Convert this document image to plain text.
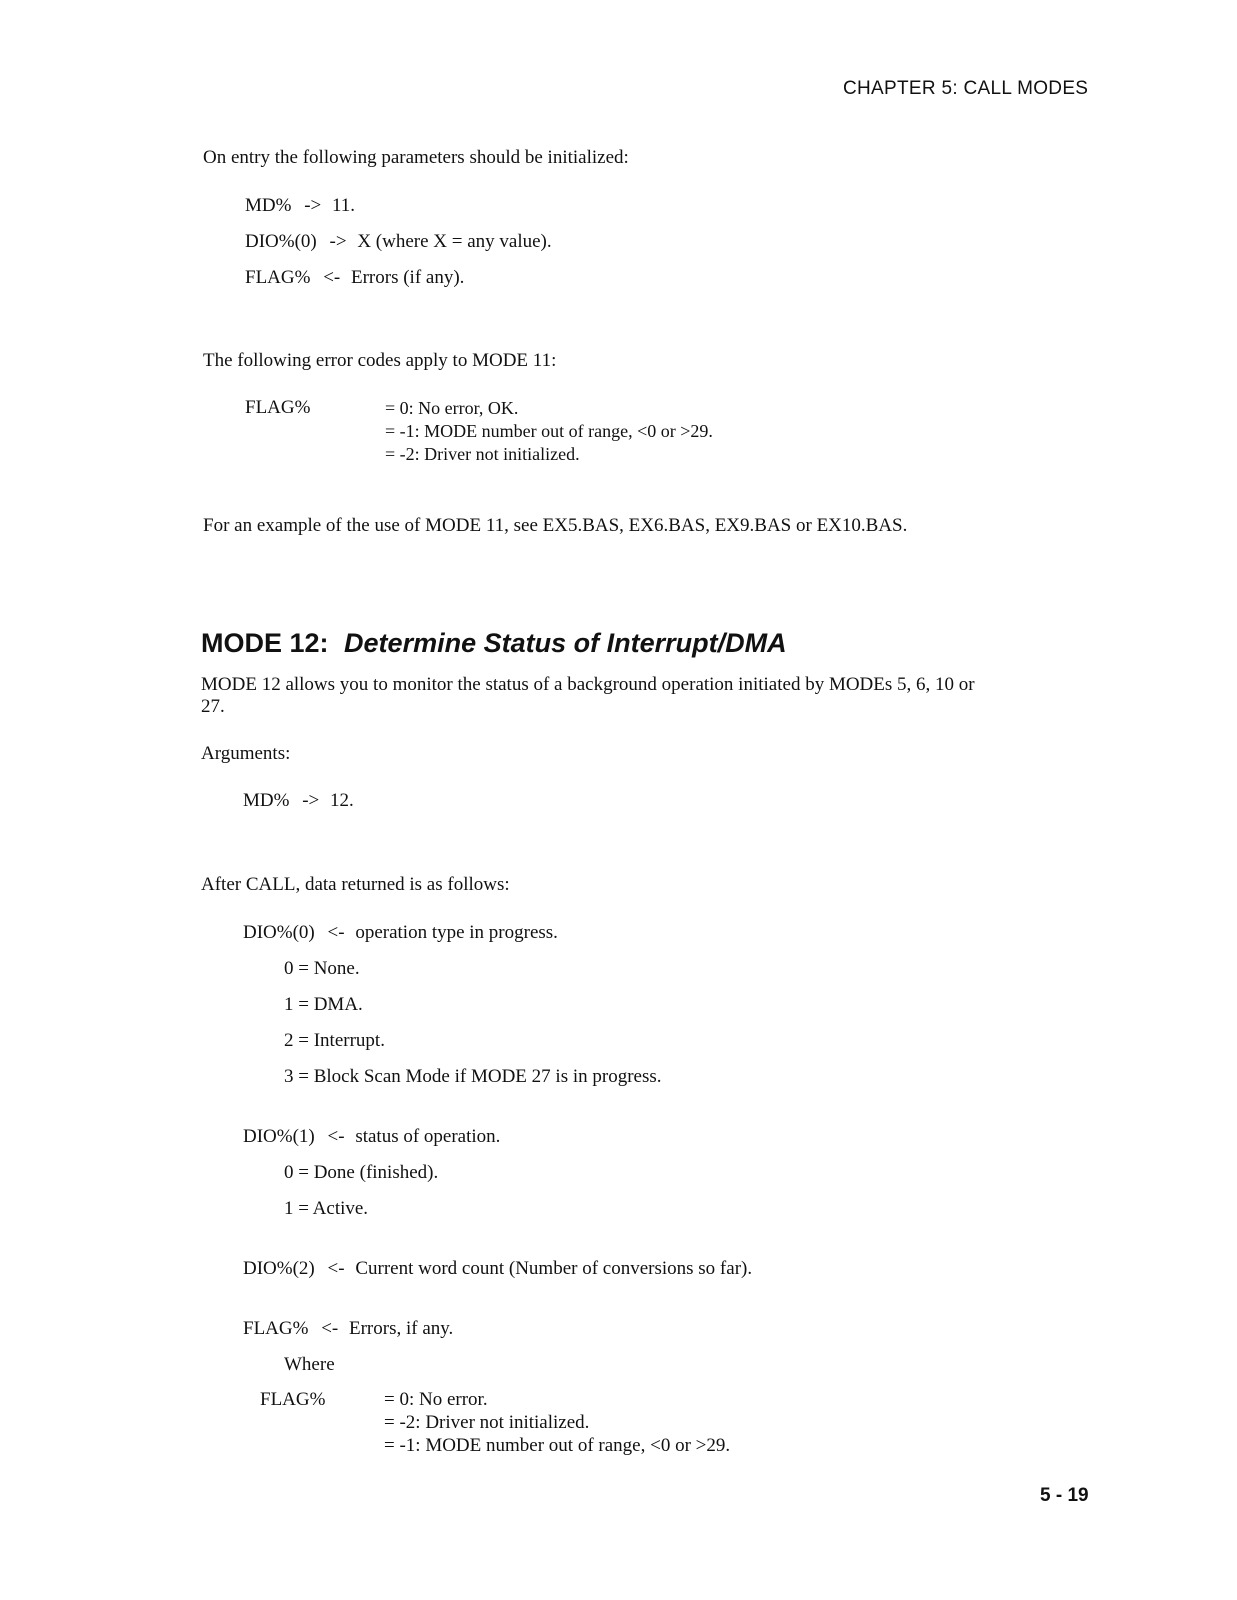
CHAPTER 5: CALL MODES
On entry the following parameters should be initialized:
MD% -> 11.
DIO%(0) -> X (where X = any value).
FLAG% <- Errors (if any).
The following error codes apply to MODE 11:
FLAG%	= 0: No error, OK.
= -1: MODE number out of range, <0 or >29.
= -2: Driver not initialized.
For an example of the use of MODE 11, see EX5.BAS, EX6.BAS, EX9.BAS or EX10.BAS.
MODE 12: Determine Status of Interrupt/DMA
MODE 12 allows you to monitor the status of a background operation initiated by MODEs 5, 6, 10 or
27.
Arguments:
MD% -> 12.
After CALL, data returned is as follows:
DIO%(0) <- operation type in progress.
0 = None.
1 = DMA.
2 = Interrupt.
3 = Block Scan Mode if MODE 27 is in progress.
DIO%(1) <- status of operation.
0 = Done (finished).
1 = Active.
DIO%(2) <- Current word count (Number of conversions so far).
FLAG% <- Errors, if any.
Where
FLAG%	= 0: No error.
= -2: Driver not initialized.
= -1: MODE number out of range, <0 or >29.
5 - 19
